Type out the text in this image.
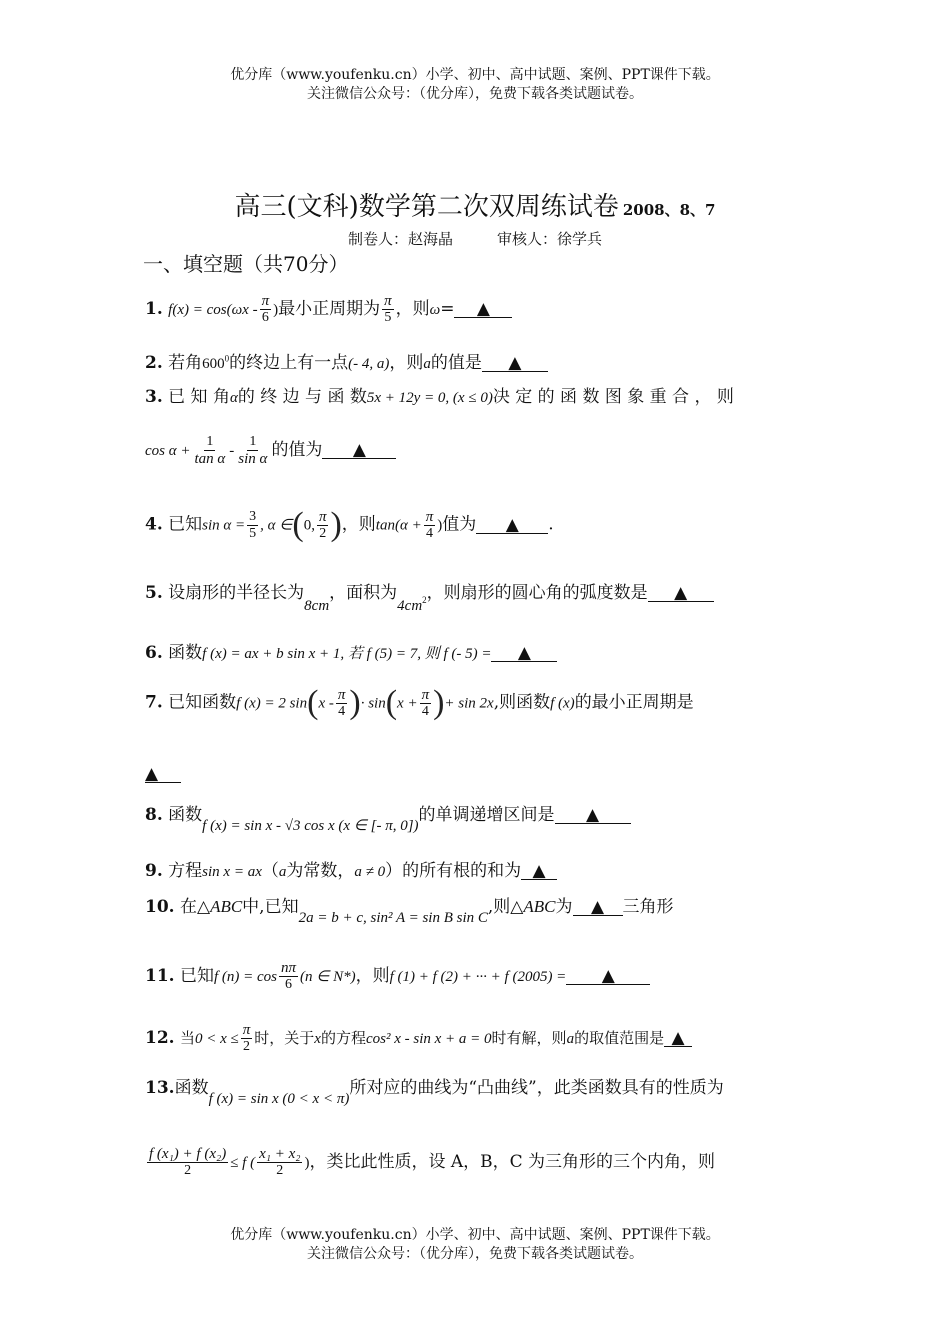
优分库（www.youfenku.cn）小学、初中、高中试题、案例、PPT课件下载。
关注微信公众号：（优分库），免费下载各类试题试卷。
高三(文科)数学第二次双周练试卷 2008、8、7
制卷人：赵海晶	审核人：徐学兵
一、填空题（共70分）
1. $f(x) = \cos(\omega x - \frac{\pi}{6}$ )最小正周期为 $\frac{\pi}{5}$ ，则ω= ▲
2. 若角$600^0$的终边上有一点(- 4, a)，则a的值是 ▲
3. 已 知 角α的 终 边 与 函 数5x + 12y = 0, (x ≤ 0)决 定 的 函 数 图 象 重 合 ， 则
$\cos \alpha + \frac{1}{\text{tan α}} - \frac{1}{\text{sin α}}$ 的值为 ▲
4. 已知$\sin \alpha = \frac{3}{5}$ , α ∈(0, $\frac{\pi}{2}$ )，则$\tan(\alpha + \frac{\pi}{4}$ )值为 ▲ .
5. 设扇形的半径长为8cm，面积为$4cm^2$，则扇形的圆心角的弧度数是 ▲
6. 函数f (x) = ax + b sin x + 1, 若 f (5) = 7, 则 f (- 5) = ▲
7. 已知函数f (x) = 2 $\sin(x - \frac{\pi}{4}$ )· $\sin(x + \frac{\pi}{4}$ )+ sin 2x,则函数f (x)的最小正周期是
▲
8. 函数f (x) = sin x - √3 cos x (x ∈ [- π, 0])的单调递增区间是 ▲
9. 方程sin x = ax（a为常数，a ≠ 0）的所有根的和为 ▲
10. 在△ABC中,已知2a = b + c, sin² A = sin B sin C,则△ABC为 ▲ 三角形
11. 已知f $(n) = \cos \frac{n\pi}{6} (n$ ∈ N*)，则f (1) + f (2) + ··· + f (2005) = ▲
12. 当$0 < x \le \frac{\pi}{2}$ 时，关于x的方程cos² x - sin x + a = 0时有解，则a的取值范围是 ▲
13.函数f (x) = sin x (0 < x < π)所对应的曲线为“凸曲线”，此类函数具有的性质为
$\frac{\text{f (x₁) + f (x₂)}}{2} \le f$ ( $\frac{\text{x₁ + x₂}}{2}$ )，类比此性质，设 A，B，C 为三角形的三个内角，则
优分库（www.youfenku.cn）小学、初中、高中试题、案例、PPT课件下载。
关注微信公众号：（优分库），免费下载各类试题试卷。
